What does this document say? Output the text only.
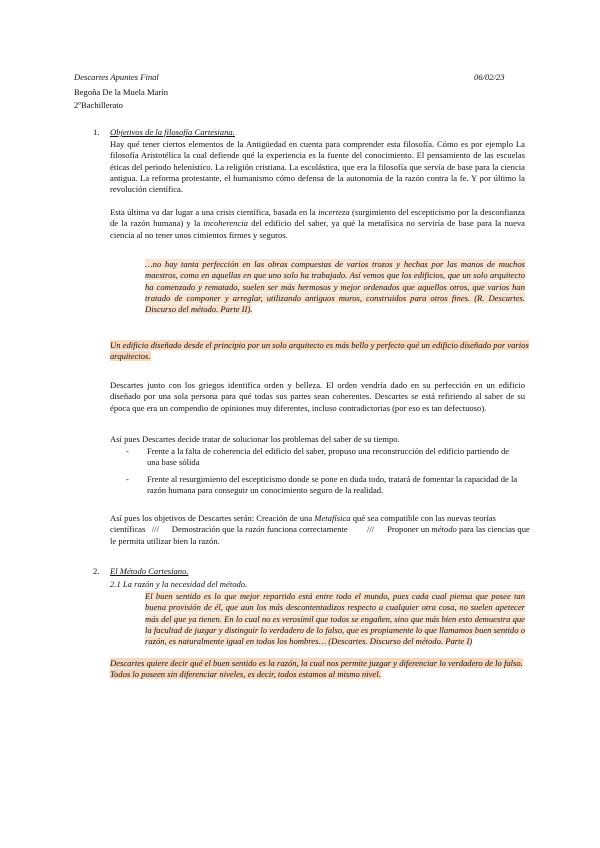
Descartes Apuntes Final	06/02/23
Begoña De la Muela Marín
2ºBachillerato
1. Objetivos de la filosofía Cartesiana.
Hay qué tener ciertos elementos de la Antigüedad en cuenta para comprender esta filosofía. Cómo es por ejemplo La filosofía Aristotélica la cual defiende qué la experiencia es la fuente del conocimiento. El pensamiento de las escuelas éticas del periodo helenístico. La religión cristiana. La escolástica, que era la filosofía que servía de base para la ciencia antigua. La reforma protestante, el humanismo cómo defensa de la autonomía de la razón contra la fe. Y por último la revolución científica.
Esta última va dar lugar a una crisis científica, basada en la incerteza (surgimiento del escepticismo por la desconfianza de la razón humana) y la incoherencia del edificio del saber, ya qué la metafísica no serviría de base para la nueva ciencia al no tener unos cimientos firmes y seguros.
…no hay tanta perfección en las obras compuestas de varios trozos y hechas por las manos de muchos maestros, como en aquellas en que uno solo ha trabajado. Así vemos que los edificios, que un solo arquitecto ha comenzado y rematado, suelen ser más hermosos y mejor ordenados que aquellos otros, que varios han tratado de componer y arreglar, utilizando antiguos muros, construidos para otros fines. (R. Descartes. Discurso del método. Parte II).
Un edificio diseñado desde el principio por un solo arquitecto es más bello y perfecto qué un edificio diseñado por varios arquitectos.
Descartes junto con los griegos identifica orden y belleza. El orden vendría dado en su perfección en un edificio diseñado por una sola persona para qué todas sus partes sean coherentes. Descartes se está refiriendo al saber de su época que era un compendio de opiniones muy diferentes, incluso contradictorias (por eso es tan defectuoso).
Así pues Descartes decide tratar de solucionar los problemas del saber de su tiempo.
- Frente a la falta de coherencia del edificio del saber, propuso una reconstrucción del edificio partiendo de una base sólida
- Frente al resurgimiento del escepticismo donde se pone en duda todo, tratará de fomentar la capacidad de la razón humana para conseguir un conocimiento seguro de la realidad.
Así pues los objetivos de Descartes serán: Creación de una Metafísica qué sea compatible con las nuevas teorías científicas   ///      Demostración que la razón funciona correctamente         ///      Proponer un método para las ciencias que le permita utilizar bien la razón.
2. El Método Cartesiano.
2.1 La razón y la necesidad del método.
El buen sentido es lo que mejor repartido está entre todo el mundo, pues cada cual piensa que posee tan buena provisión de él, que aun los más descontentadizos respecto a cualquier otra cosa, no suelen apetecer más del que ya tienen. En lo cual no es verosímil que todos se engañen, sino que más bien esto demuestra que la facultad de juzgar y distinguir lo verdadero de lo falso, que es propiamente lo que llamamos buen sentido o razón, es naturalmente igual en todos los hombres… (Descartes. Discurso del método. Parte I)
Descartes quiere decir qué el buen sentido es la razón, la cual nos permite juzgar y diferenciar lo verdadero de lo falso. Todos lo poseen sin diferenciar niveles, es decir, todos estamos al mismo nivel.
